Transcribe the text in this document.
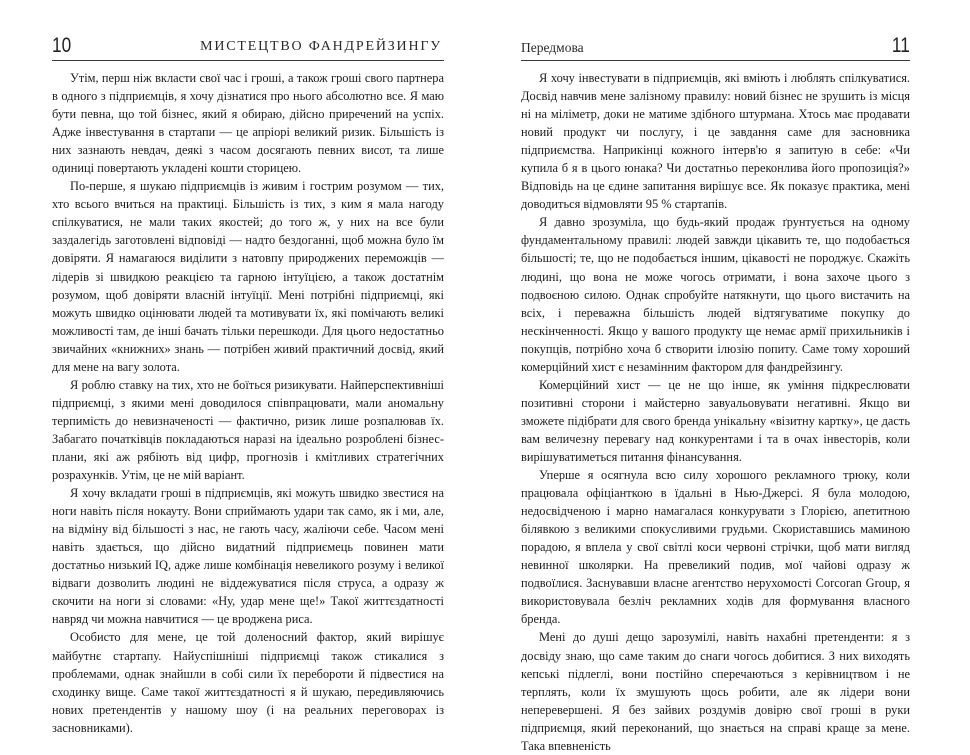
10	МИСТЕЦТВО ФАНДРЕЙЗИНГУ

Утім, перш ніж вкласти свої час і гроші, а також гроші свого партнера в одного з підприємців, я хочу дізнатися про нього абсолютно все. Я маю бути певна, що той бізнес, який я обираю, дійсно приречений на успіх. Адже інвестування в стартапи — це апріорі великий ризик. Більшість із них зазнають невдач, деякі з часом досягають певних висот, та лише одиниці повертають укладені кошти сторицею.

По-перше, я шукаю підприємців із живим і гострим розумом — тих, хто всього вчиться на практиці. Більшість із тих, з ким я мала нагоду спілкуватися, не мали таких якостей; до того ж, у них на все були заздалегідь заготовлені відповіді — надто бездоганні, щоб можна було їм довіряти. Я намагаюся виділити з натовпу природжених переможців — лідерів зі швидкою реакцією та гарною інтуїцією, а також достатнім розумом, щоб довіряти власній інтуїції. Мені потрібні підприємці, які можуть швидко оцінювати людей та мотивувати їх, які помічають великі можливості там, де інші бачать тільки перешкоди. Для цього недостатньо звичайних «книжних» знань — потрібен живий практичний досвід, який для мене на вагу золота.

Я роблю ставку на тих, хто не боїться ризикувати. Найперспективніші підприємці, з якими мені доводилося співпрацювати, мали аномальну терпимість до невизначеності — фактично, ризик лише розпалював їх. Забагато початківців покладаються наразі на ідеально розроблені бізнес-плани, які аж рябіють від цифр, прогнозів і кмітливих стратегічних розрахунків. Утім, це не мій варіант.

Я хочу вкладати гроші в підприємців, які можуть швидко звестися на ноги навіть після нокауту. Вони сприймають удари так само, як і ми, але, на відміну від більшості з нас, не гають часу, жаліючи себе. Часом мені навіть здається, що дійсно видатний підприємець повинен мати достатньо низький IQ, адже лише комбінація невеликого розуму і великої відваги дозволить людині не віддежуватися після струса, а одразу ж скочити на ноги зі словами: «Ну, удар мене ще!» Такої життєздатності навряд чи можна навчитися — це вроджена риса.

Особисто для мене, це той доленосний фактор, який вирішує майбутнє стартапу. Найуспішніші підприємці також стикалися з проблемами, однак знайшли в собі сили їх перебороти й підвестися на сходинку вище. Саме такої життєздатності я й шукаю, передивляючись нових претендентів у нашому шоу (і на реальних переговорах із засновниками).

Передмова	11

Я хочу інвестувати в підприємців, які вміють і люблять спілкуватися. Досвід навчив мене залізному правилу: новий бізнес не зрушить із місця ні на міліметр, доки не матиме здібного штурмана. Хтось має продавати новий продукт чи послугу, і це завдання саме для засновника підприємства. Наприкінці кожного інтерв'ю я запитую в себе: «Чи купила б я в цього юнака? Чи достатньо переконлива його пропозиція?» Відповідь на це єдине запитання вирішує все. Як показує практика, мені доводиться відмовляти 95 % стартапів.

Я давно зрозуміла, що будь-який продаж ґрунтується на одному фундаментальному правилі: людей завжди цікавить те, що подобається більшості; те, що не подобається іншим, цікавості не породжує. Скажіть людині, що вона не може чогось отримати, і вона захоче цього з подвоєною силою. Однак спробуйте натякнути, що цього вистачить на всіх, і переважна більшість людей відтягуватиме покупку до нескінченності. Якщо у вашого продукту ще немає армії прихильників і покупців, потрібно хоча б створити ілюзію попиту. Саме тому хороший комерційний хист є незамінним фактором для фандрейзингу.

Комерційний хист — це не що інше, як уміння підкреслювати позитивні сторони і майстерно завуальовувати негативні. Якщо ви зможете підібрати для свого бренда унікальну «візитну картку», це дасть вам величезну перевагу над конкурентами і та в очах інвесторів, коли вирішуватиметься питання фінансування.

Уперше я осягнула всю силу хорошого рекламного трюку, коли працювала офіціанткою в їдальні в Нью-Джерсі. Я була молодою, недосвідченою і марно намагалася конкурувати з Глорією, апетитною білявкою з великими спокусливими грудьми. Скориставшись маминою порадою, я вплела у свої світлі коси червоні стрічки, щоб мати вигляд невинної школярки. На превеликий подив, мої чайові одразу ж подвоїлися. Заснувавши власне агентство нерухомості Corcoran Group, я використовувала безліч рекламних ходів для формування власного бренда.

Мені до душі дещо зарозумілі, навіть нахабні претенденти: я з досвіду знаю, що саме таким до снаги чогось добитися. З них виходять кепські підлеглі, вони постійно сперечаються з керівництвом і не терплять, коли їх змушують щось робити, але як лідери вони неперевершені. Я без зайвих роздумів довірю свої гроші в руки підприємця, який переконаний, що знається на справі краще за мене. Така впевненість
